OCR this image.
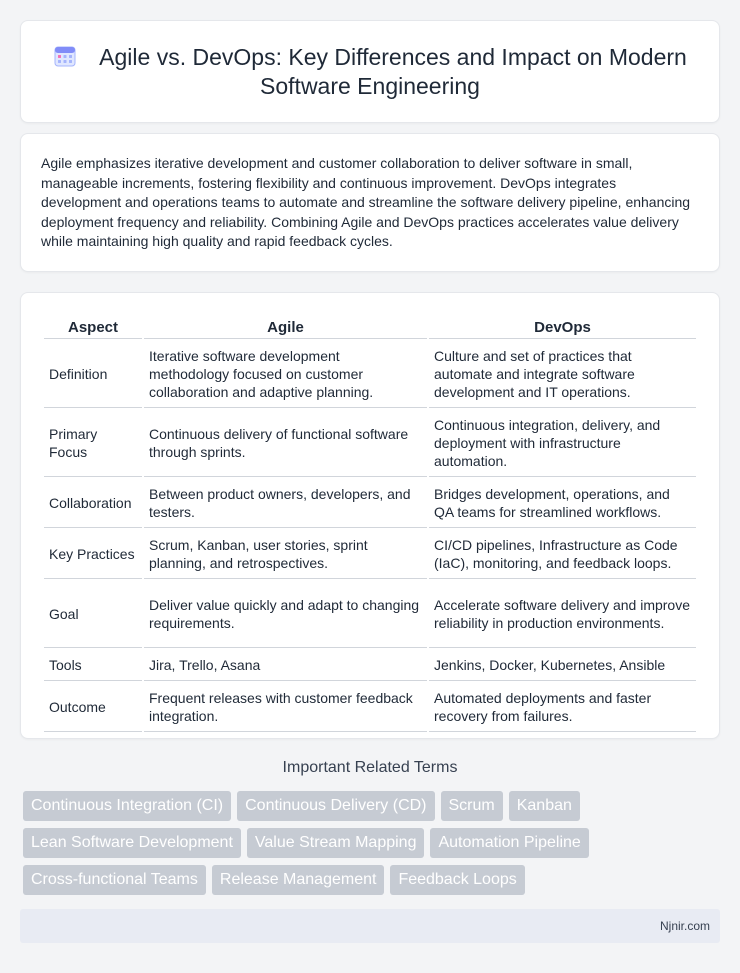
Agile vs. DevOps: Key Differences and Impact on Modern Software Engineering

Agile emphasizes iterative development and customer collaboration to deliver software in small, manageable increments, fostering flexibility and continuous improvement. DevOps integrates development and operations teams to automate and streamline the software delivery pipeline, enhancing deployment frequency and reliability. Combining Agile and DevOps practices accelerates value delivery while maintaining high quality and rapid feedback cycles.

Aspect	Agile	DevOps
Definition	Iterative software development methodology focused on customer collaboration and adaptive planning.	Culture and set of practices that automate and integrate software development and IT operations.
Primary Focus	Continuous delivery of functional software through sprints.	Continuous integration, delivery, and deployment with infrastructure automation.
Collaboration	Between product owners, developers, and testers.	Bridges development, operations, and QA teams for streamlined workflows.
Key Practices	Scrum, Kanban, user stories, sprint planning, and retrospectives.	CI/CD pipelines, Infrastructure as Code (IaC), monitoring, and feedback loops.
Goal	Deliver value quickly and adapt to changing requirements.	Accelerate software delivery and improve reliability in production environments.
Tools	Jira, Trello, Asana	Jenkins, Docker, Kubernetes, Ansible
Outcome	Frequent releases with customer feedback integration.	Automated deployments and faster recovery from failures.
Important Related Terms
Continuous Integration (CI)	Continuous Delivery (CD)	Scrum	Kanban
Lean Software Development	Value Stream Mapping	Automation Pipeline
Cross-functional Teams	Release Management	Feedback Loops
Njnir.com
